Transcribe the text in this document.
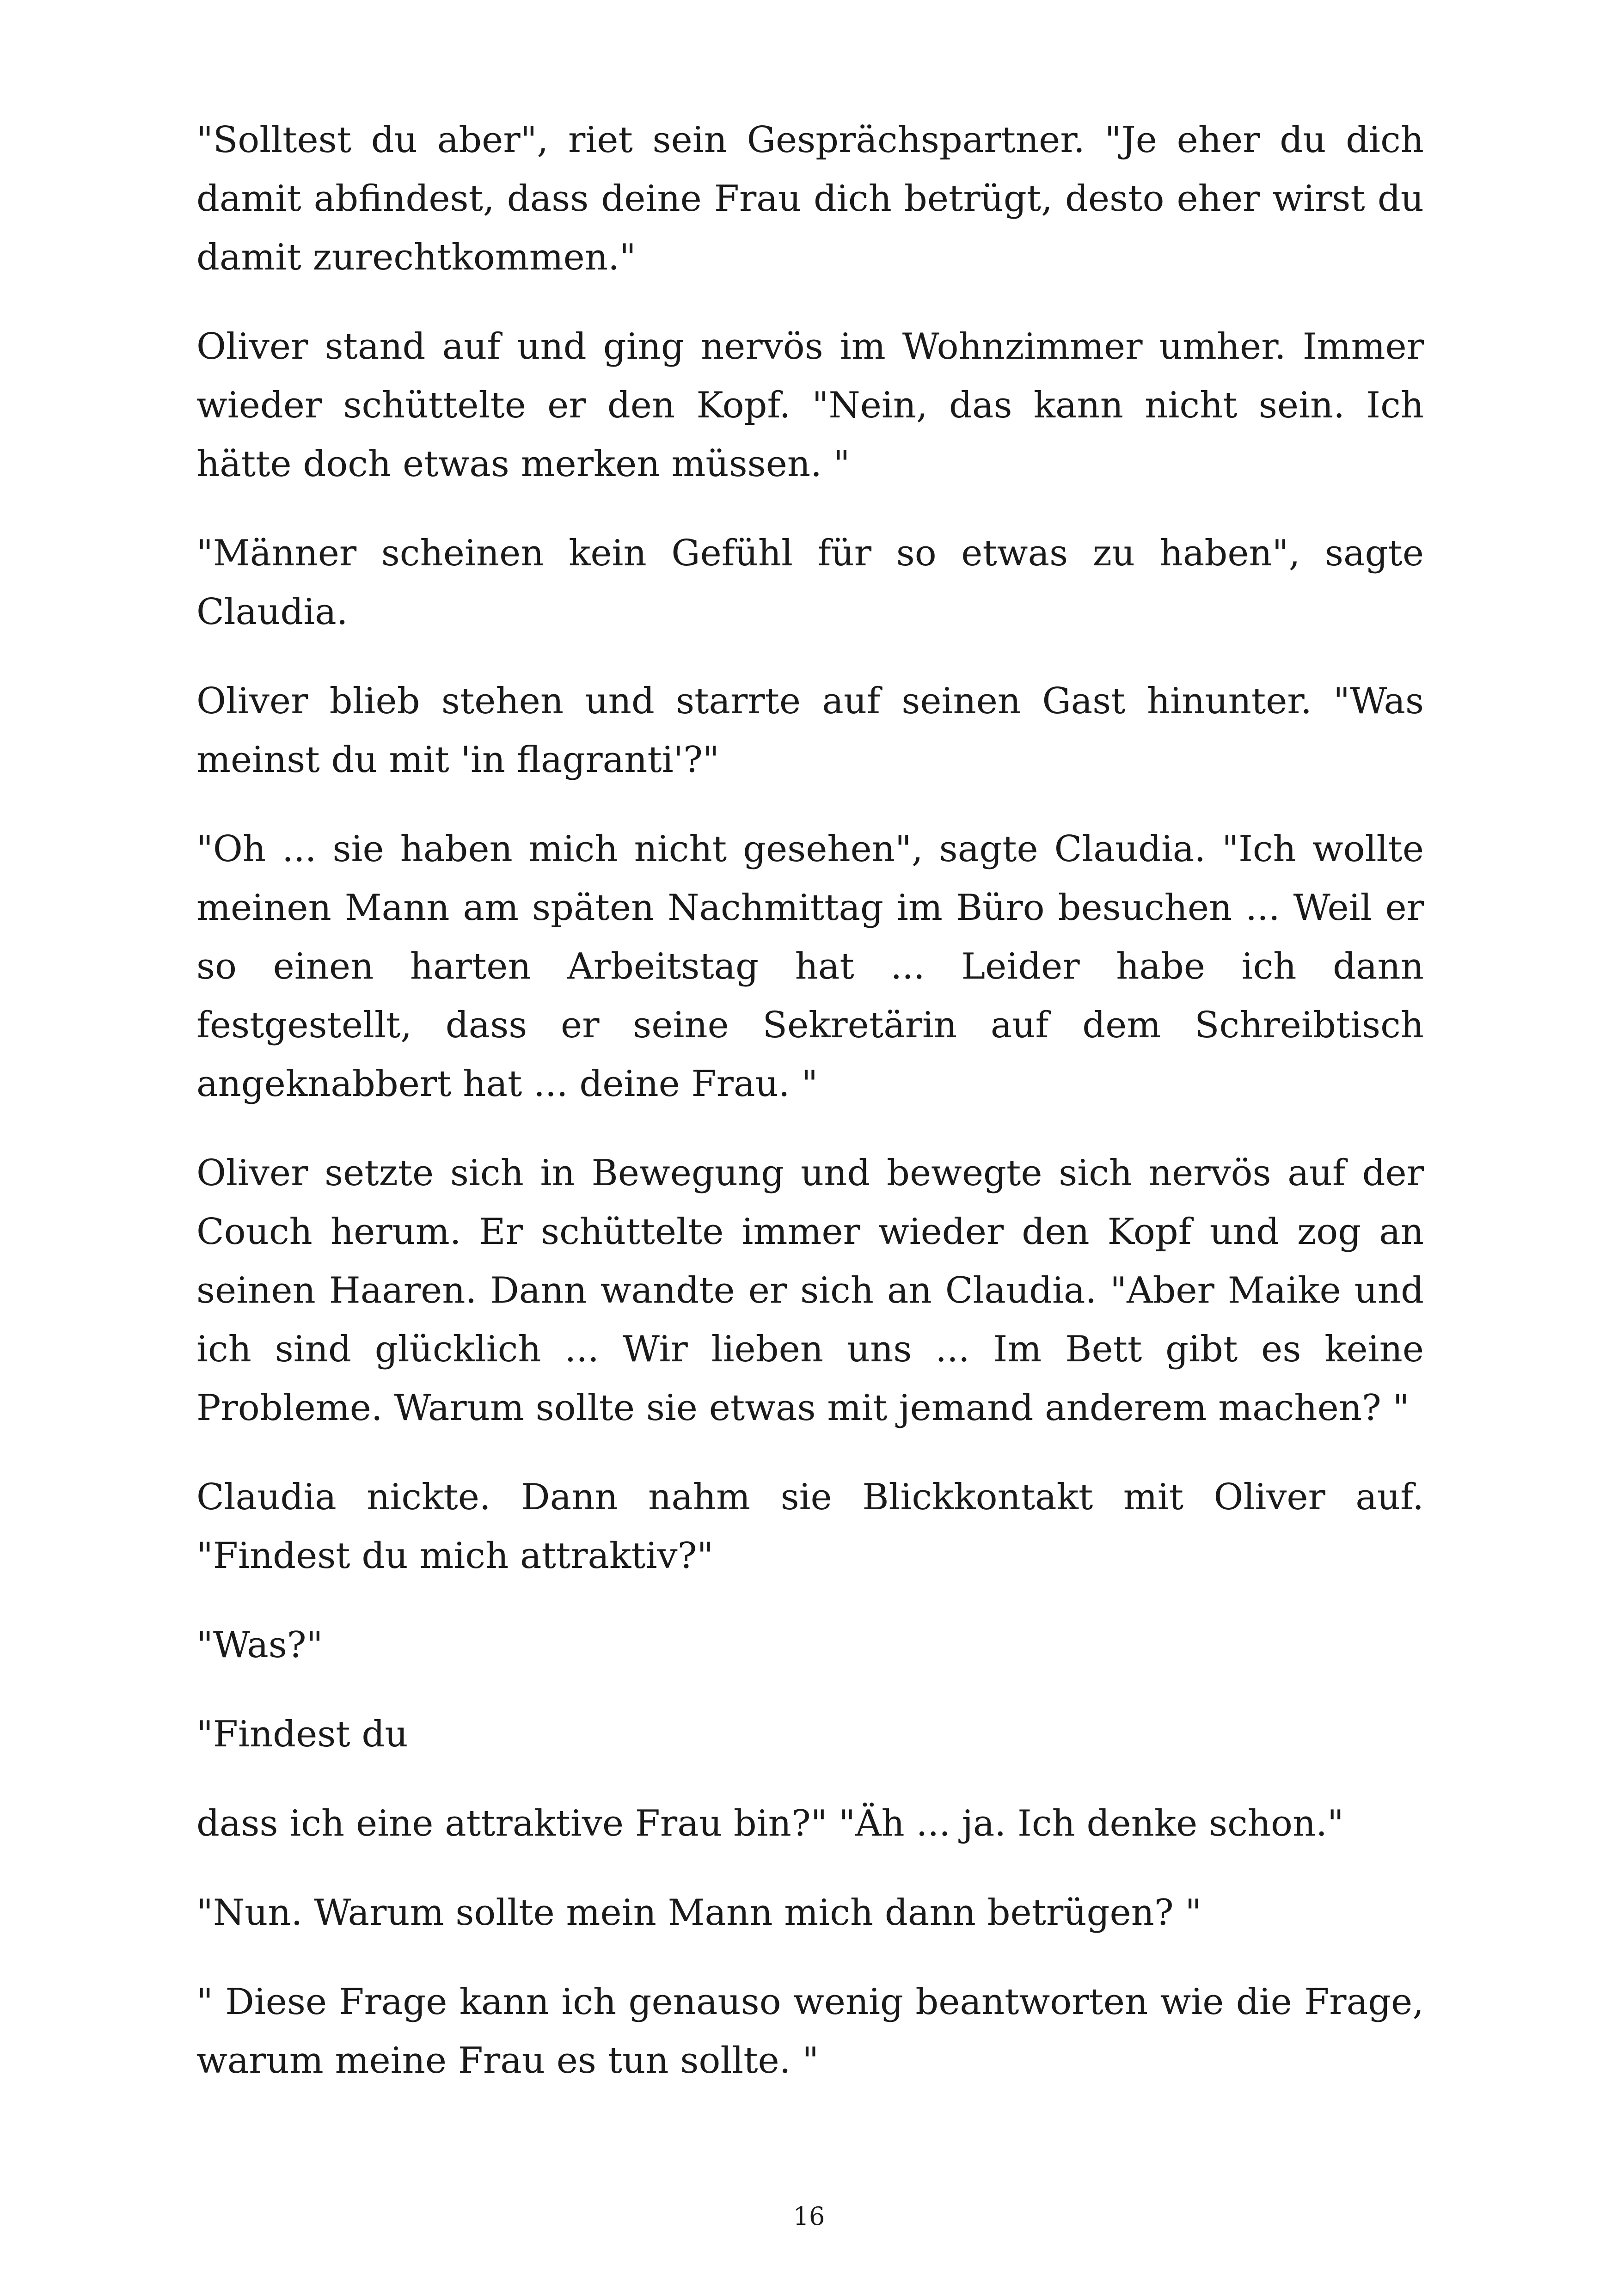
"Solltest du aber", riet sein Gesprächspartner. "Je eher du dich damit abfindest, dass deine Frau dich betrügt, desto eher wirst du damit zurechtkommen."

Oliver stand auf und ging nervös im Wohnzimmer umher. Immer wieder schüttelte er den Kopf. "Nein, das kann nicht sein. Ich hätte doch etwas merken müssen. "

"Männer scheinen kein Gefühl für so etwas zu haben", sagte Claudia.

Oliver blieb stehen und starrte auf seinen Gast hinunter. "Was meinst du mit 'in flagranti'?"

"Oh ... sie haben mich nicht gesehen", sagte Claudia. "Ich wollte meinen Mann am späten Nachmittag im Büro besuchen ... Weil er so einen harten Arbeitstag hat ... Leider habe ich dann festgestellt, dass er seine Sekretärin auf dem Schreibtisch angeknabbert hat ... deine Frau. "

Oliver setzte sich in Bewegung und bewegte sich nervös auf der Couch herum. Er schüttelte immer wieder den Kopf und zog an seinen Haaren. Dann wandte er sich an Claudia. "Aber Maike und ich sind glücklich ... Wir lieben uns ... Im Bett gibt es keine Probleme. Warum sollte sie etwas mit jemand anderem machen? "

Claudia nickte. Dann nahm sie Blickkontakt mit Oliver auf. "Findest du mich attraktiv?"

"Was?"

"Findest du

dass ich eine attraktive Frau bin?" "Äh ... ja. Ich denke schon."

"Nun. Warum sollte mein Mann mich dann betrügen? "

" Diese Frage kann ich genauso wenig beantworten wie die Frage, warum meine Frau es tun sollte. "

16
